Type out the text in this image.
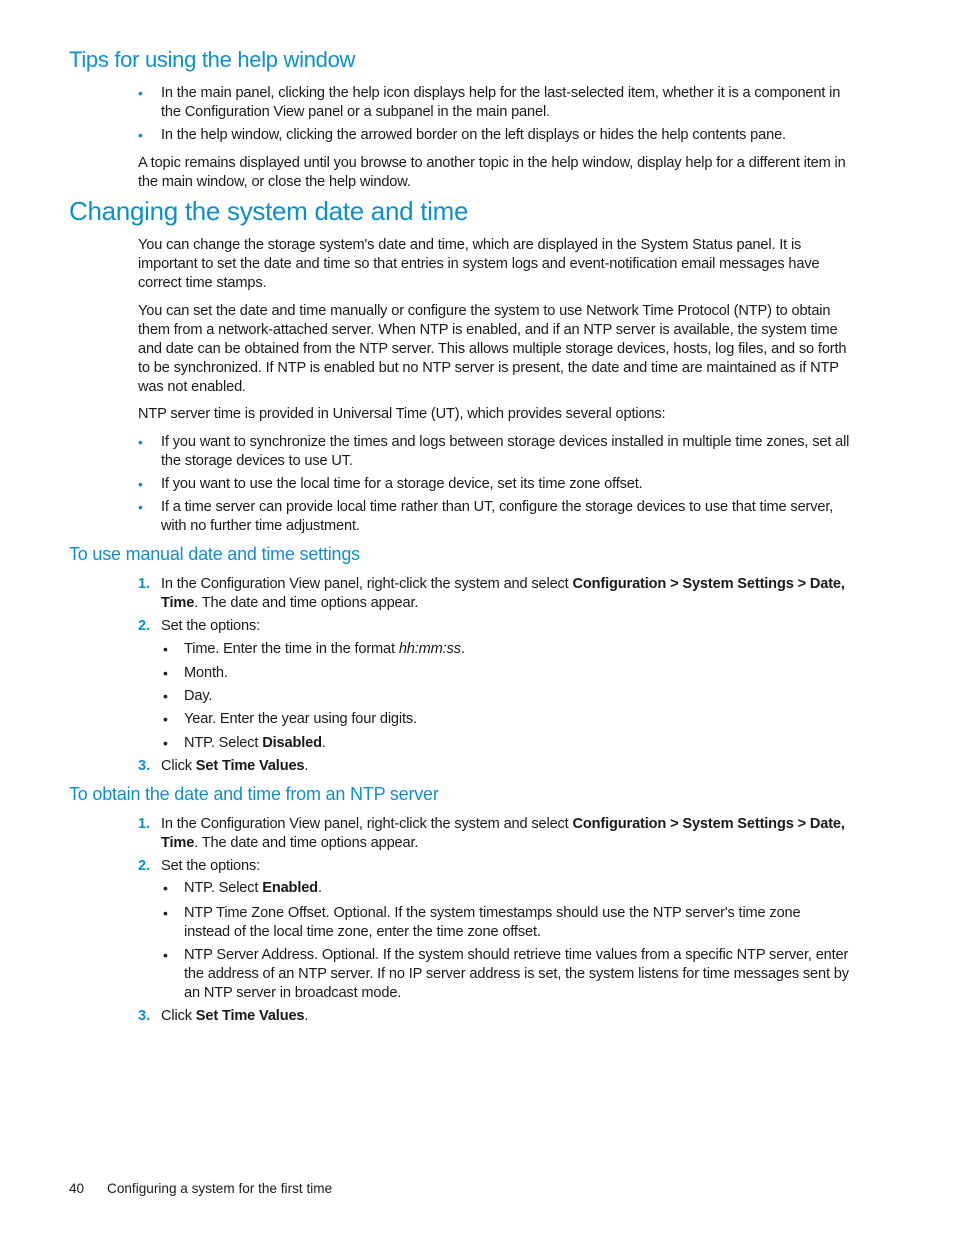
Tips for using the help window
• In the main panel, clicking the help icon displays help for the last-selected item, whether it is a component in the Configuration View panel or a subpanel in the main panel.

• In the help window, clicking the arrowed border on the left displays or hides the help contents pane.

A topic remains displayed until you browse to another topic in the help window, display help for a different item in the main window, or close the help window.

Changing the system date and time

You can change the storage system's date and time, which are displayed in the System Status panel. It is important to set the date and time so that entries in system logs and event-notification email messages have correct time stamps.

You can set the date and time manually or configure the system to use Network Time Protocol (NTP) to obtain them from a network-attached server. When NTP is enabled, and if an NTP server is available, the system time and date can be obtained from the NTP server. This allows multiple storage devices, hosts, log files, and so forth to be synchronized. If NTP is enabled but no NTP server is present, the date and time are maintained as if NTP was not enabled.

NTP server time is provided in Universal Time (UT), which provides several options:

• If you want to synchronize the times and logs between storage devices installed in multiple time zones, set all the storage devices to use UT.

• If you want to use the local time for a storage device, set its time zone offset.

• If a time server can provide local time rather than UT, configure the storage devices to use that time server, with no further time adjustment.

To use manual date and time settings
1. In the Configuration View panel, right-click the system and select Configuration > System Settings > Date, Time. The date and time options appear.

2. Set the options:

• Time. Enter the time in the format hh:mm:ss.

• Month.

• Day.

• Year. Enter the year using four digits.

• NTP. Select Disabled.

3. Click Set Time Values.

To obtain the date and time from an NTP server
1. In the Configuration View panel, right-click the system and select Configuration > System Settings > Date, Time. The date and time options appear.

2. Set the options:

• NTP. Select Enabled.

• NTP Time Zone Offset. Optional. If the system timestamps should use the NTP server's time zone instead of the local time zone, enter the time zone offset.

• NTP Server Address. Optional. If the system should retrieve time values from a specific NTP server, enter the address of an NTP server. If no IP server address is set, the system listens for time messages sent by an NTP server in broadcast mode.

3. Click Set Time Values.

40 Configuring a system for the first time
